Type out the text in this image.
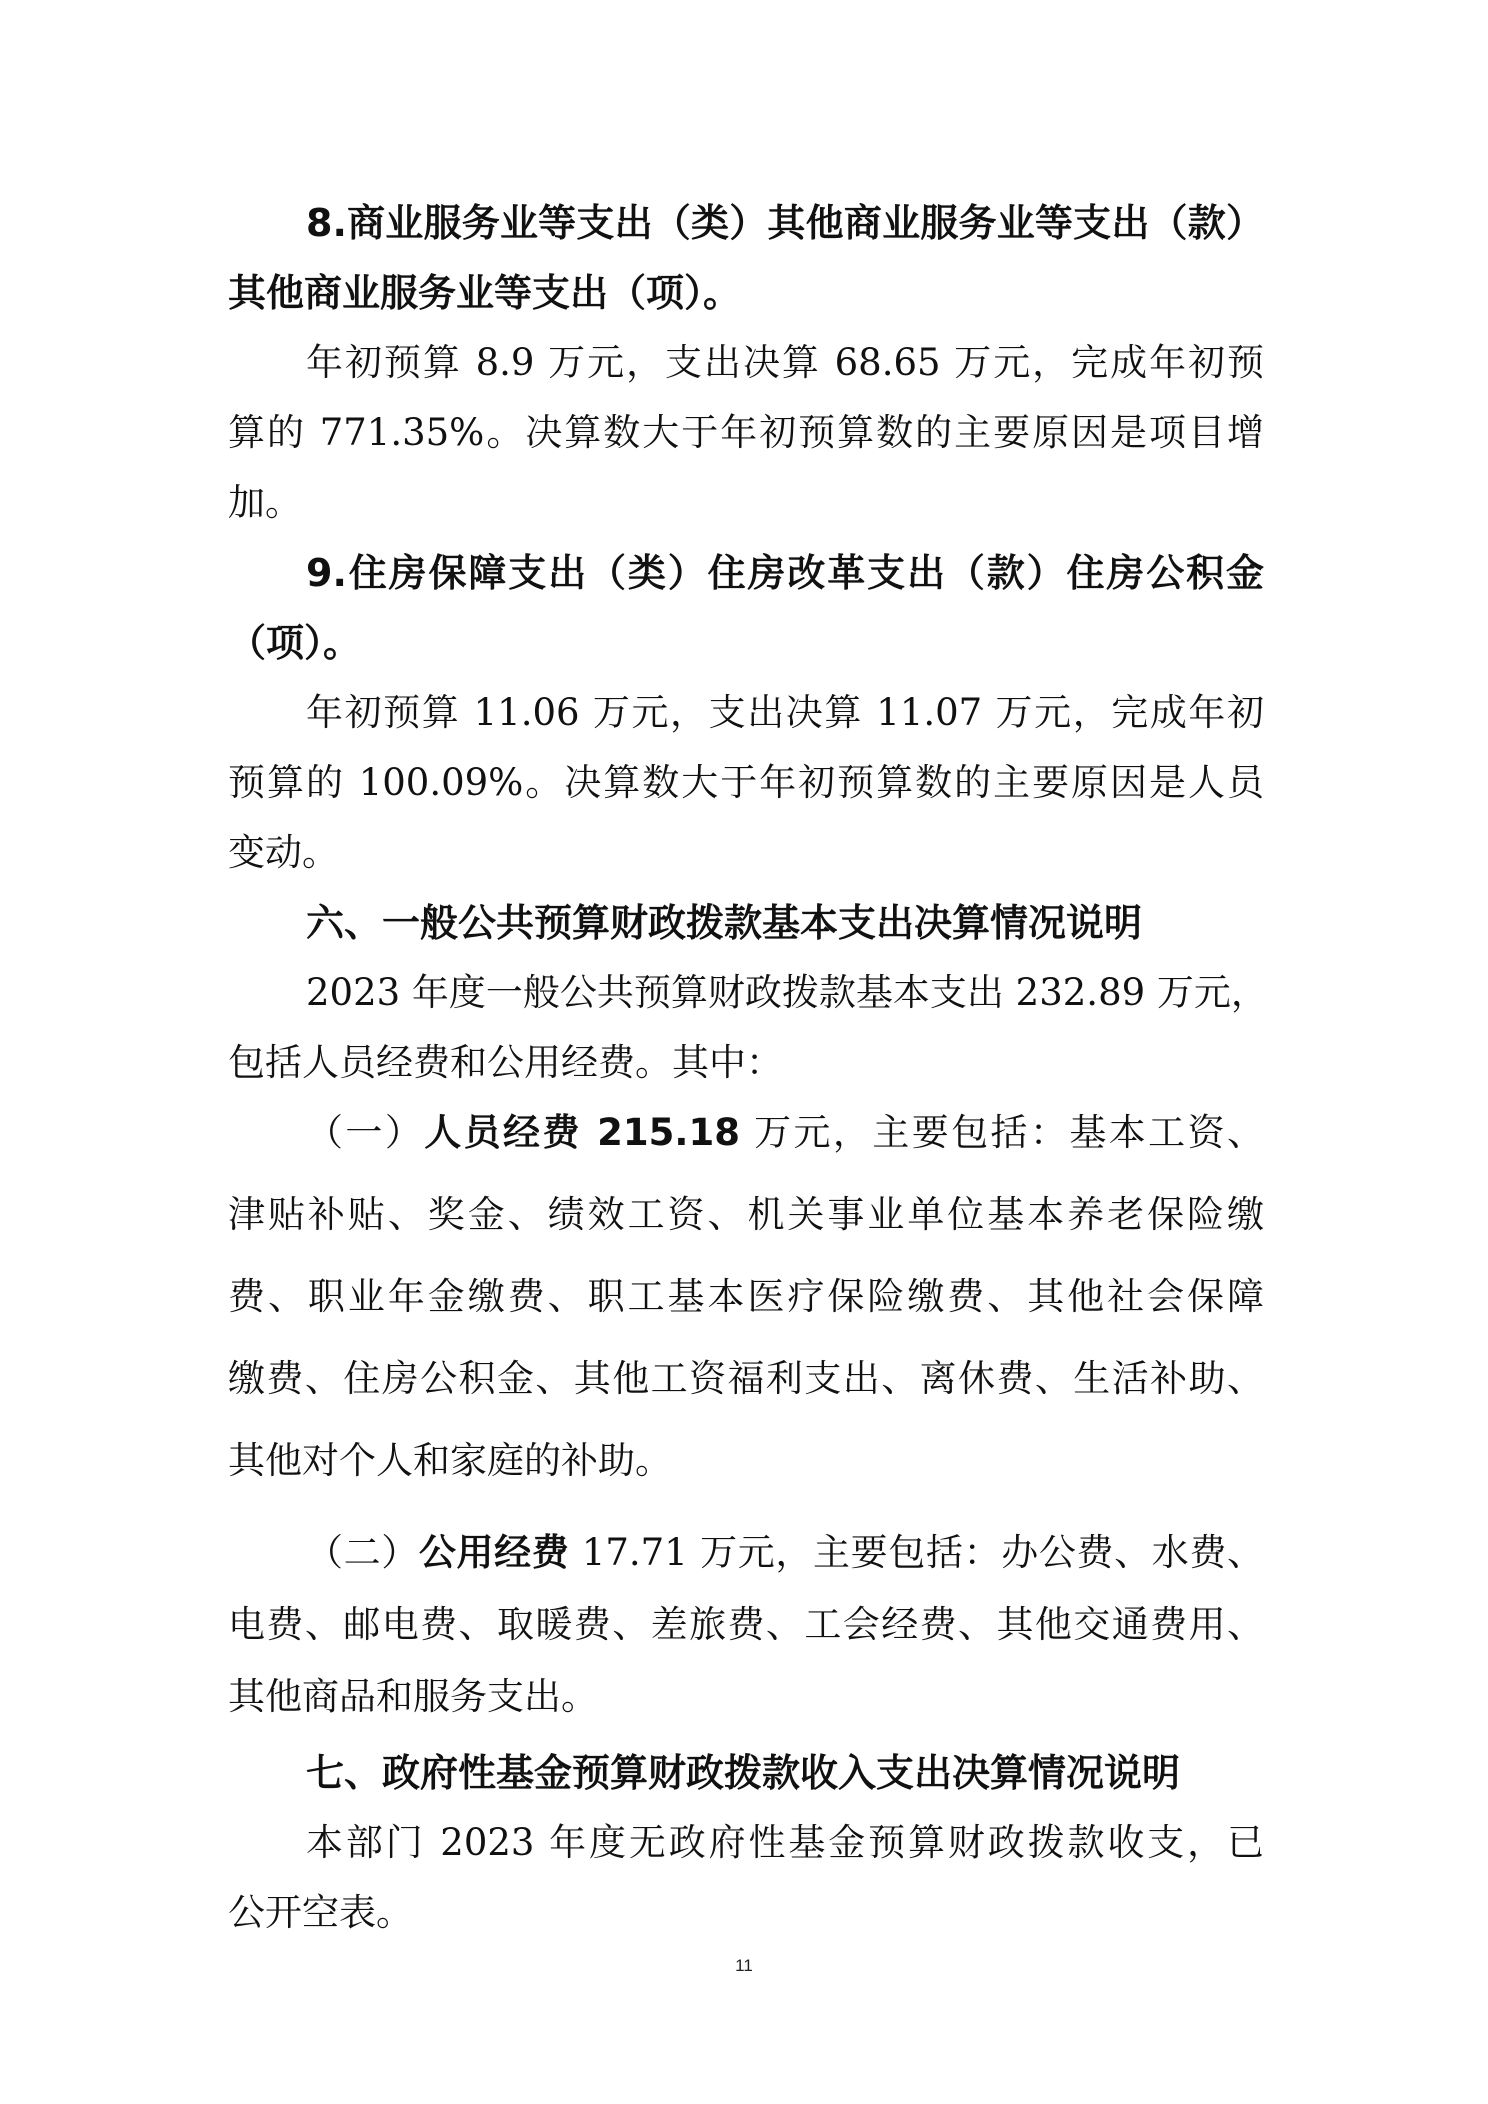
8.商业服务业等支出（类）其他商业服务业等支出（款）
其他商业服务业等支出（项）。
年初预算 8.9 万元，支出决算 68.65 万元，完成年初预
算的 771.35%。决算数大于年初预算数的主要原因是项目增
加。
9.住房保障支出（类）住房改革支出（款）住房公积金
（项）。
年初预算 11.06 万元，支出决算 11.07 万元，完成年初
预算的 100.09%。决算数大于年初预算数的主要原因是人员
变动。
六、一般公共预算财政拨款基本支出决算情况说明
2023 年度一般公共预算财政拨款基本支出 232.89 万元，
包括人员经费和公用经费。其中：
（一）人员经费 215.18 万元，主要包括：基本工资、
津贴补贴、奖金、绩效工资、机关事业单位基本养老保险缴
费、职业年金缴费、职工基本医疗保险缴费、其他社会保障
缴费、住房公积金、其他工资福利支出、离休费、生活补助、
其他对个人和家庭的补助。
（二）公用经费 17.71 万元，主要包括：办公费、水费、
电费、邮电费、取暖费、差旅费、工会经费、其他交通费用、
其他商品和服务支出。
七、政府性基金预算财政拨款收入支出决算情况说明
本部门 2023 年度无政府性基金预算财政拨款收支，已
公开空表。
11
